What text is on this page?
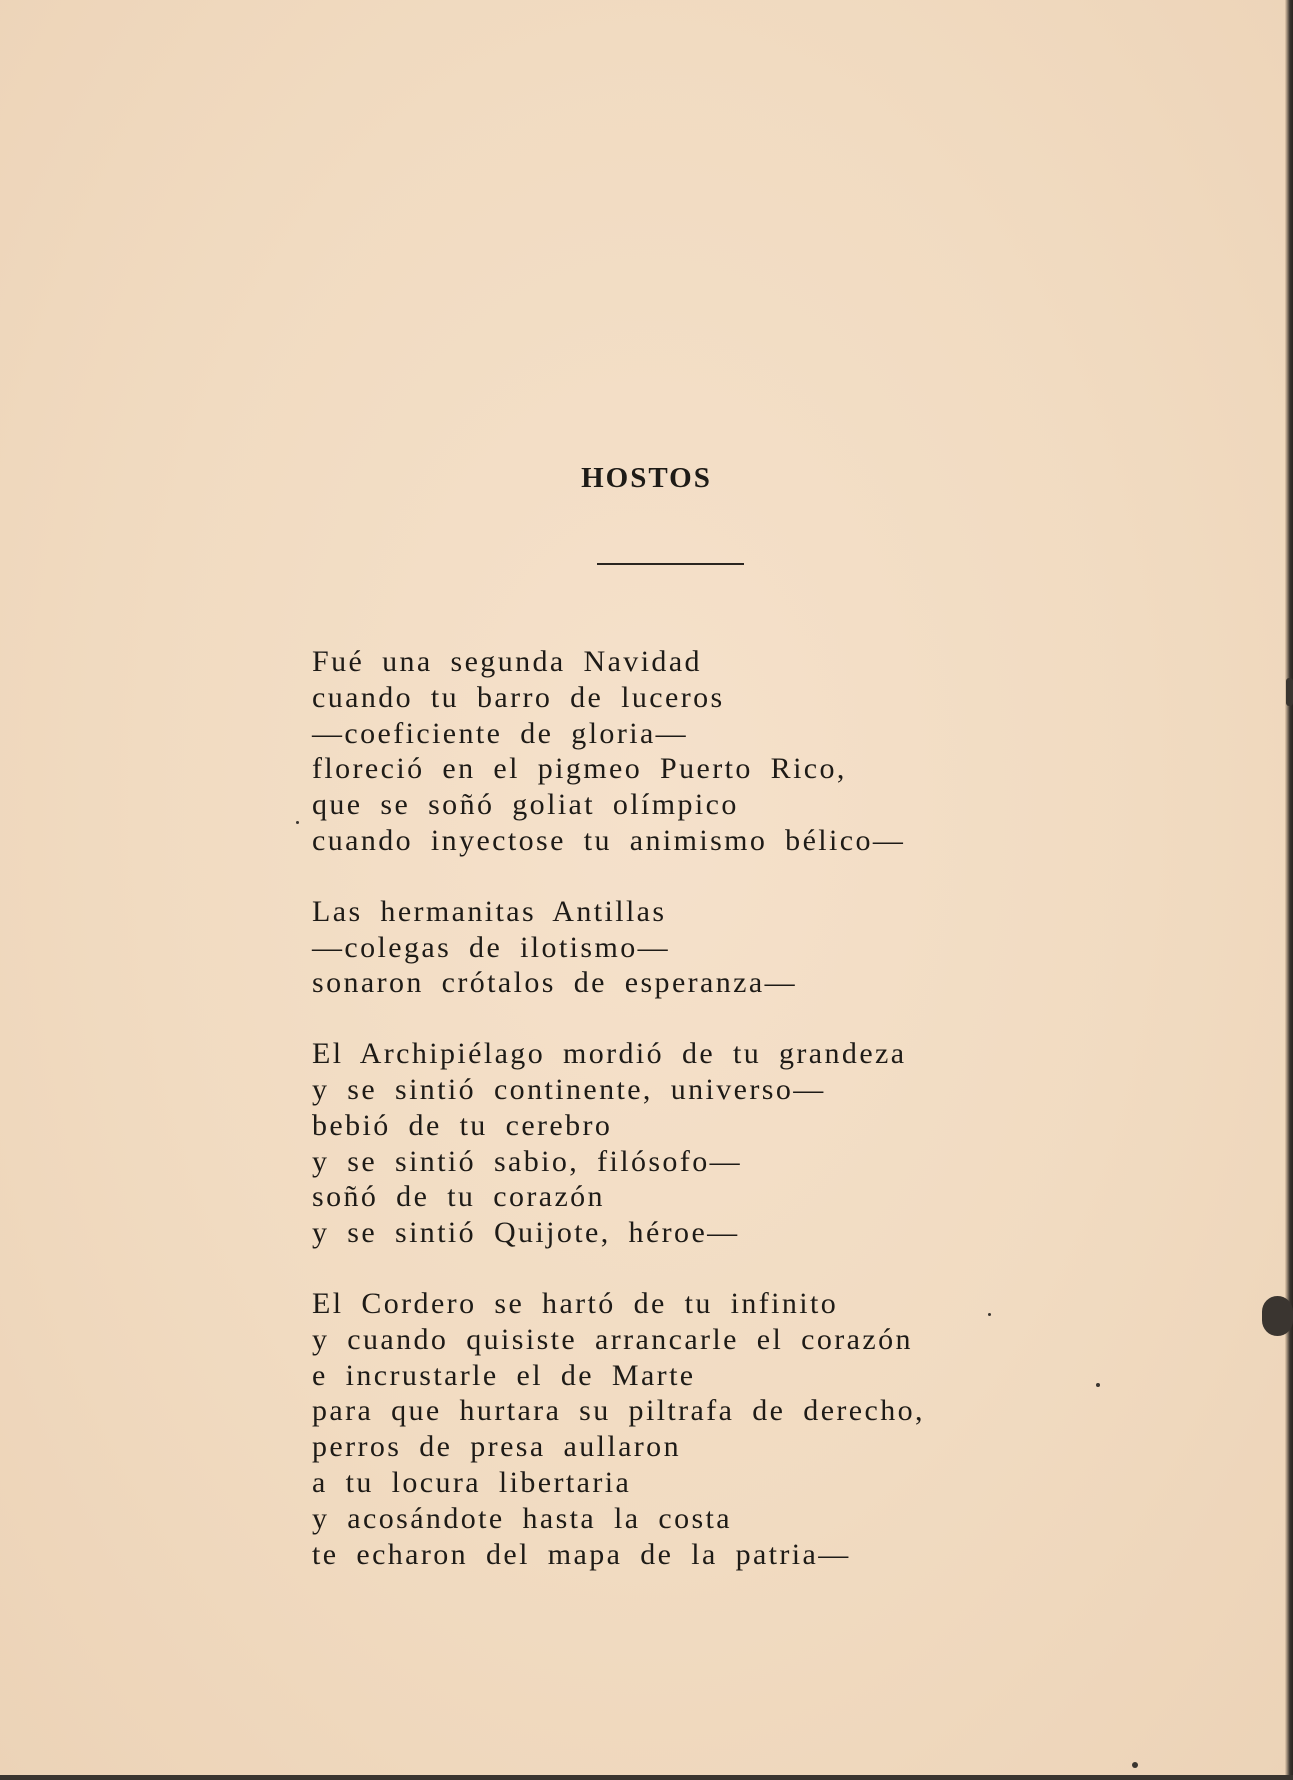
HOSTOS
Fué una segunda Navidad
cuando tu barro de luceros
—coeficiente de gloria—
floreció en el pigmeo Puerto Rico,
que se soñó goliat olímpico
cuando inyectose tu animismo bélico—
Las hermanitas Antillas
—colegas de ilotismo—
sonaron crótalos de esperanza—
El Archipiélago mordió de tu grandeza
y se sintió continente, universo—
bebió de tu cerebro
y se sintió sabio, filósofo—
soñó de tu corazón
y se sintió Quijote, héroe—
El Cordero se hartó de tu infinito
y cuando quisiste arrancarle el corazón
e incrustarle el de Marte
para que hurtara su piltrafa de derecho,
perros de presa aullaron
a tu locura libertaria
y acosándote hasta la costa
te echaron del mapa de la patria—
